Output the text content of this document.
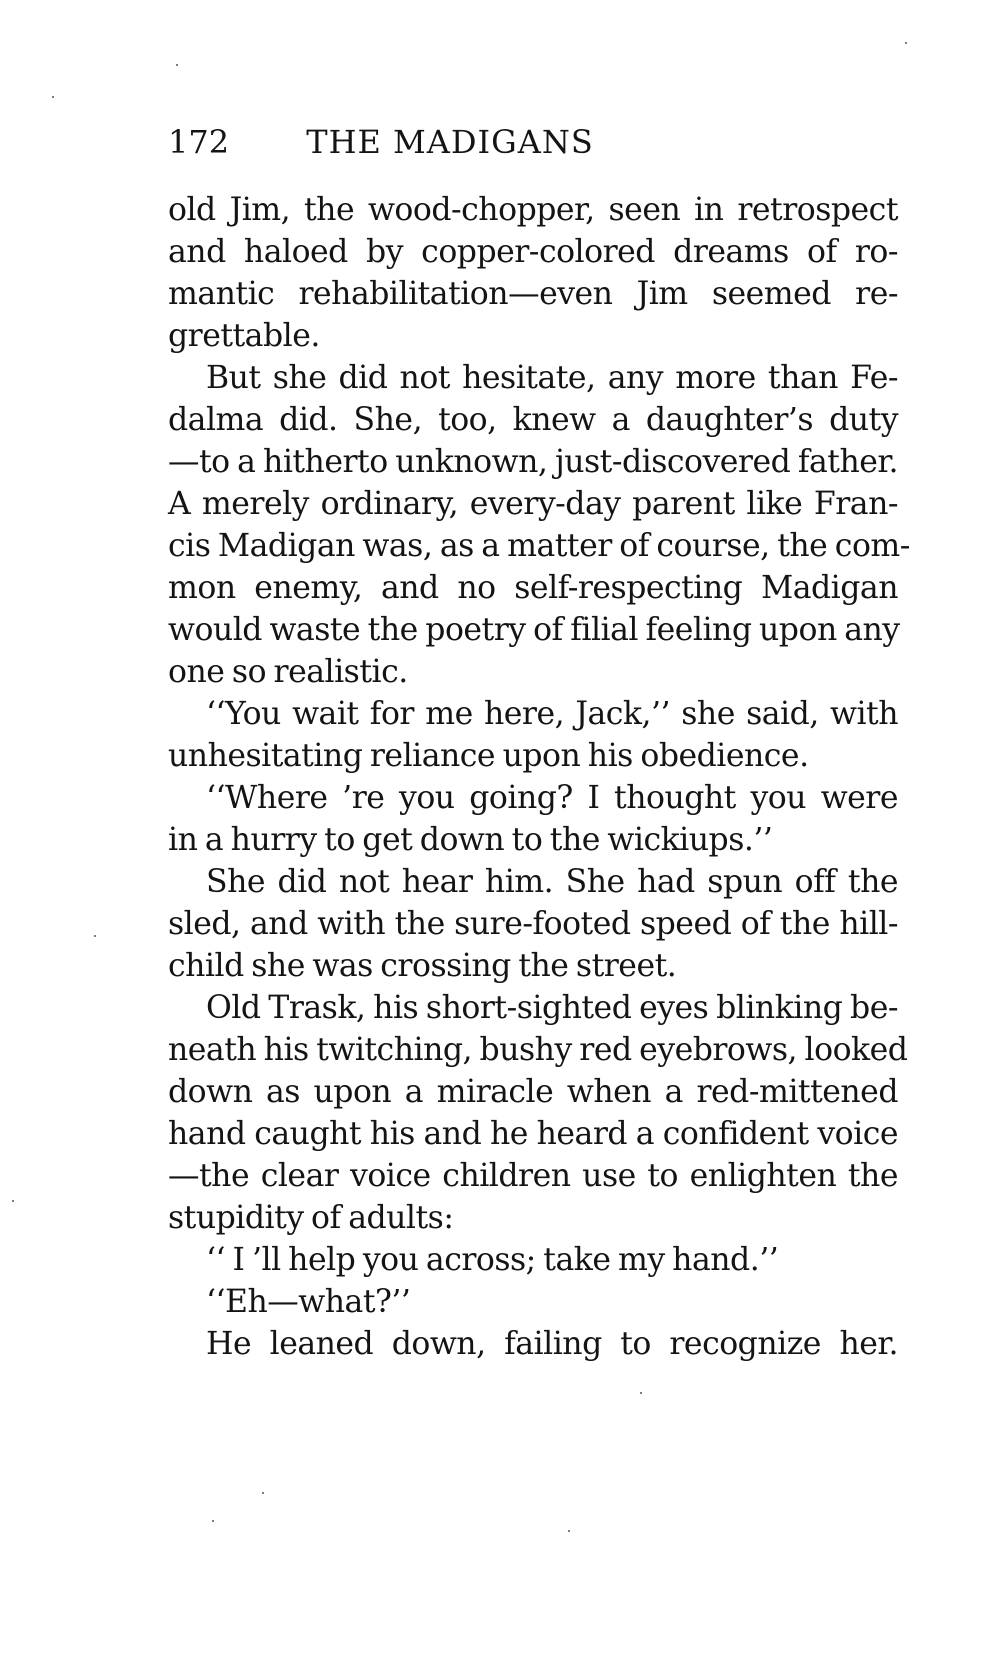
172	THE MADIGANS
old Jim, the wood-chopper, seen in retrospect
and haloed by copper-colored dreams of ro-
mantic rehabilitation—even Jim seemed re-
grettable.
But she did not hesitate, any more than Fe-
dalma did. She, too, knew a daughter’s duty
—to a hitherto unknown, just-discovered father.
A merely ordinary, every-day parent like Fran-
cis Madigan was, as a matter of course, the com-
mon enemy, and no self-respecting Madigan
would waste the poetry of filial feeling upon any
one so realistic.
‘‘You wait for me here, Jack,’’ she said, with
unhesitating reliance upon his obedience.
‘‘Where ’re you going? I thought you were
in a hurry to get down to the wickiups.’’
She did not hear him. She had spun off the
sled, and with the sure-footed speed of the hill-
child she was crossing the street.
Old Trask, his short-sighted eyes blinking be-
neath his twitching, bushy red eyebrows, looked
down as upon a miracle when a red-mittened
hand caught his and he heard a confident voice
—the clear voice children use to enlighten the
stupidity of adults:
‘‘ I ’ll help you across; take my hand.’’
‘‘Eh—what?’’
He leaned down, failing to recognize her.
